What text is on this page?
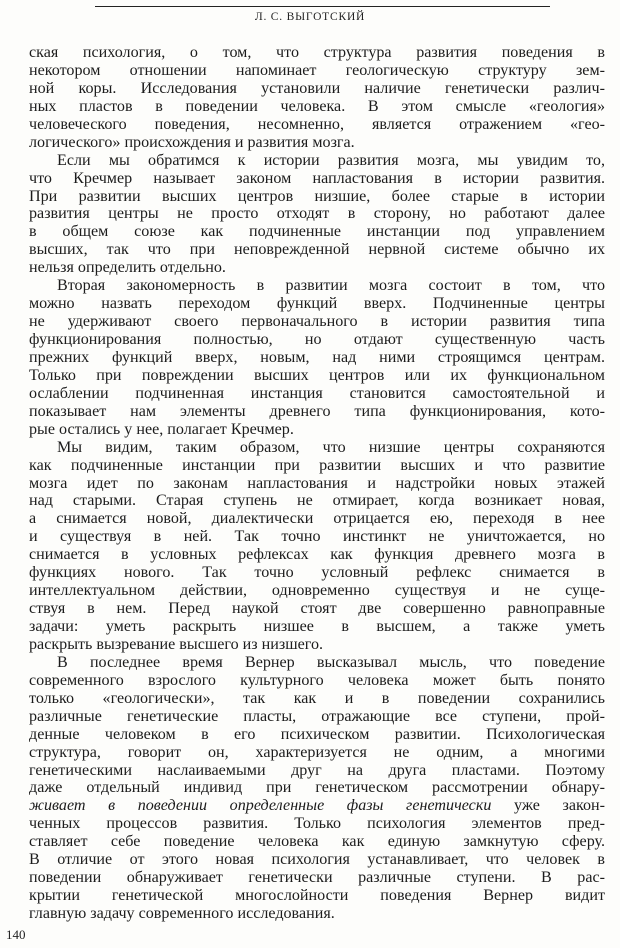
Л. С. ВЫГОТСКИЙ
ская психология, о том, что структура развития поведения в
некотором отношении напоминает геологическую структуру зем-
ной коры. Исследования установили наличие генетически различ-
ных пластов в поведении человека. В этом смысле «геология»
человеческого поведения, несомненно, является отражением «гео-
логического» происхождения и развития мозга.
Если мы обратимся к истории развития мозга, мы увидим то,
что Кречмер называет законом напластования в истории развития.
При развитии высших центров низшие, более старые в истории
развития центры не просто отходят в сторону, но работают далее
в общем союзе как подчиненные инстанции под управлением
высших, так что при неповрежденной нервной системе обычно их
нельзя определить отдельно.
Вторая закономерность в развитии мозга состоит в том, что
можно назвать переходом функций вверх. Подчиненные центры
не удерживают своего первоначального в истории развития типа
функционирования полностью, но отдают существенную часть
прежних функций вверх, новым, над ними строящимся центрам.
Только при повреждении высших центров или их функциональном
ослаблении подчиненная инстанция становится самостоятельной и
показывает нам элементы древнего типа функционирования, кото-
рые остались у нее, полагает Кречмер.
Мы видим, таким образом, что низшие центры сохраняются
как подчиненные инстанции при развитии высших и что развитие
мозга идет по законам напластования и надстройки новых этажей
над старыми. Старая ступень не отмирает, когда возникает новая,
а снимается новой, диалектически отрицается ею, переходя в нее
и существуя в ней. Так точно инстинкт не уничтожается, но
снимается в условных рефлексах как функция древнего мозга в
функциях нового. Так точно условный рефлекс снимается в
интеллектуальном действии, одновременно существуя и не суще-
ствуя в нем. Перед наукой стоят две совершенно равноправные
задачи: уметь раскрыть низшее в высшем, а также уметь
раскрыть вызревание высшего из низшего.
В последнее время Вернер высказывал мысль, что поведение
современного взрослого культурного человека может быть понято
только «геологически», так как и в поведении сохранились
различные генетические пласты, отражающие все ступени, прой-
денные человеком в его психическом развитии. Психологическая
структура, говорит он, характеризуется не одним, а многими
генетическими наслаиваемыми друг на друга пластами. Поэтому
даже отдельный индивид при генетическом рассмотрении обнару-
живает в поведении определенные фазы генетически уже закон-
ченных процессов развития. Только психология элементов пред-
ставляет себе поведение человека как единую замкнутую сферу.
В отличие от этого новая психология устанавливает, что человек в
поведении обнаруживает генетически различные ступени. В рас-
крытии генетической многослойности поведения Вернер видит
главную задачу современного исследования.
140
